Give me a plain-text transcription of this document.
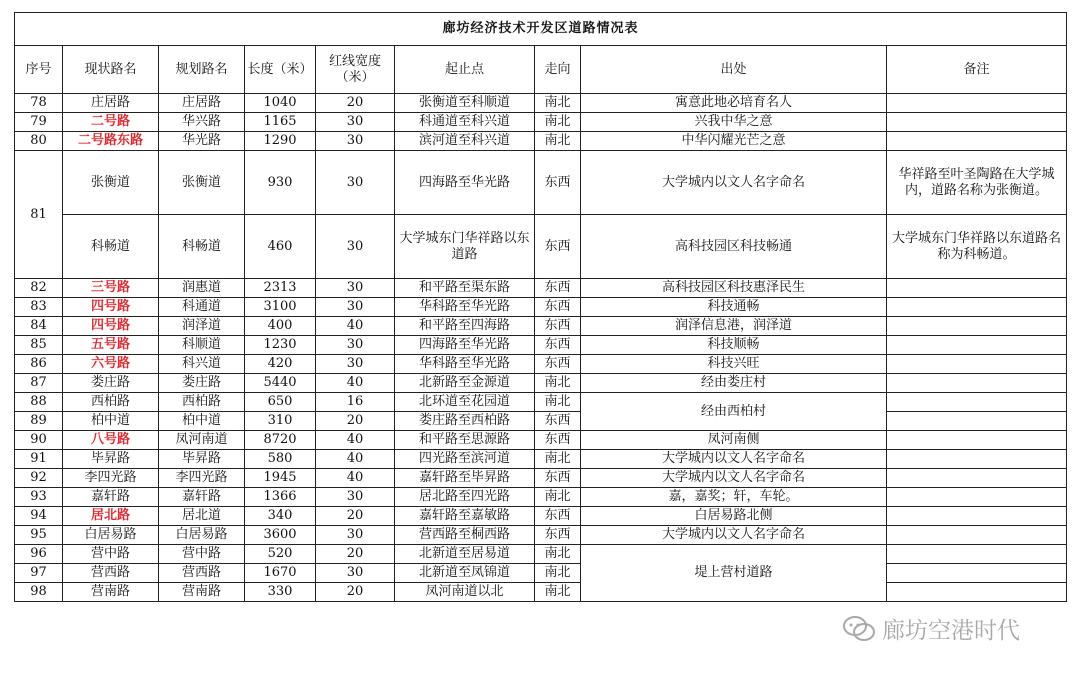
廊坊经济技术开发区道路情况表								
序号	现状路名	规划路名	长度（米）	红线宽度（米）	起止点	走向	出处	备注
78	庄居路	庄居路	1040	20	张衡道至科顺道	南北	寓意此地必培育名人	
79	二号路	华兴路	1165	30	科通道至科兴道	南北	兴我中华之意	
80	二号路东路	华光路	1290	30	滨河道至科兴道	南北	中华闪耀光芒之意	
81	张衡道	张衡道	930	30	四海路至华光路	东西	大学城内以文人名字命名	华祥路至叶圣陶路在大学城内，道路名称为张衡道。
	科畅道	科畅道	460	30	大学城东门华祥路以东道路	东西	高科技园区科技畅通	大学城东门华祥路以东道路名称为科畅道。
82	三号路	润惠道	2313	30	和平路至渠东路	东西	高科技园区科技惠泽民生	
83	四号路	科通道	3100	30	华科路至华光路	东西	科技通畅	
84	四号路	润泽道	400	40	和平路至四海路	东西	润泽信息港，润泽道	
85	五号路	科顺道	1230	30	四海路至华光路	东西	科技顺畅	
86	六号路	科兴道	420	30	华科路至华光路	东西	科技兴旺	
87	娄庄路	娄庄路	5440	40	北新路至金源道	南北	经由娄庄村	
88	西柏路	西柏路	650	16	北环道至花园道	南北	经由西柏村	
89	柏中道	柏中道	310	20	娄庄路至西柏路	东西		
90	八号路	凤河南道	8720	40	和平路至思源路	东西	凤河南侧	
91	毕昇路	毕昇路	580	40	四光路至滨河道	南北	大学城内以文人名字命名	
92	李四光路	李四光路	1945	40	嘉轩路至毕昇路	东西	大学城内以文人名字命名	
93	嘉轩路	嘉轩路	1366	30	居北路至四光路	南北	嘉，嘉奖；轩，车轮。	
94	居北路	居北道	340	20	嘉轩路至嘉敏路	东西	白居易路北侧	
95	白居易路	白居易路	3600	30	营西路至桐西路	东西	大学城内以文人名字命名	
96	营中路	营中路	520	20	北新道至居易道	南北	堤上营村道路	
97	营西路	营西路	1670	30	北新道至凤锦道	南北		
98	营南路	营南路	330	20	凤河南道以北	南北		
廊坊空港时代
